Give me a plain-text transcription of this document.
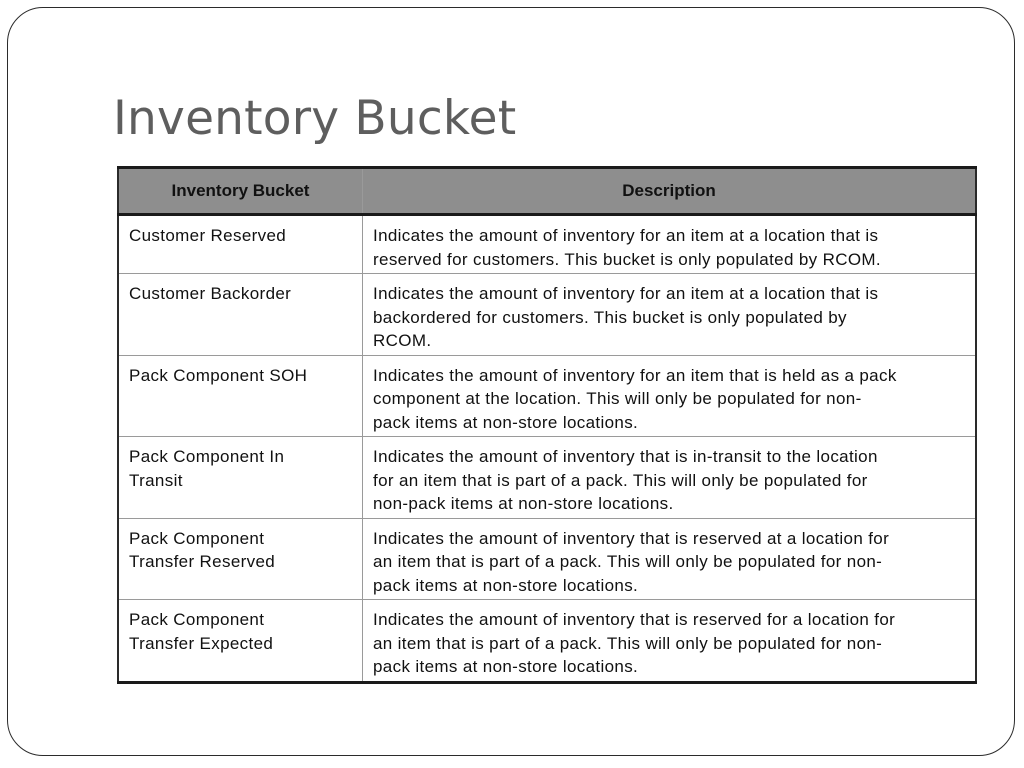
Inventory Bucket
Inventory Bucket	Description

Customer Reserved	Indicates the amount of inventory for an item at a location that is
reserved for customers. This bucket is only populated by RCOM.

Customer Backorder	Indicates the amount of inventory for an item at a location that is
backordered for customers. This bucket is only populated by
RCOM.

Pack Component SOH	Indicates the amount of inventory for an item that is held as a pack
component at the location. This will only be populated for non-
pack items at non-store locations.

Pack Component In
Transit	Indicates the amount of inventory that is in-transit to the location
for an item that is part of a pack. This will only be populated for
non-pack items at non-store locations.

Pack Component
Transfer Reserved	Indicates the amount of inventory that is reserved at a location for
an item that is part of a pack. This will only be populated for non-
pack items at non-store locations.

Pack Component
Transfer Expected	Indicates the amount of inventory that is reserved for a location for
an item that is part of a pack. This will only be populated for non-
pack items at non-store locations.
